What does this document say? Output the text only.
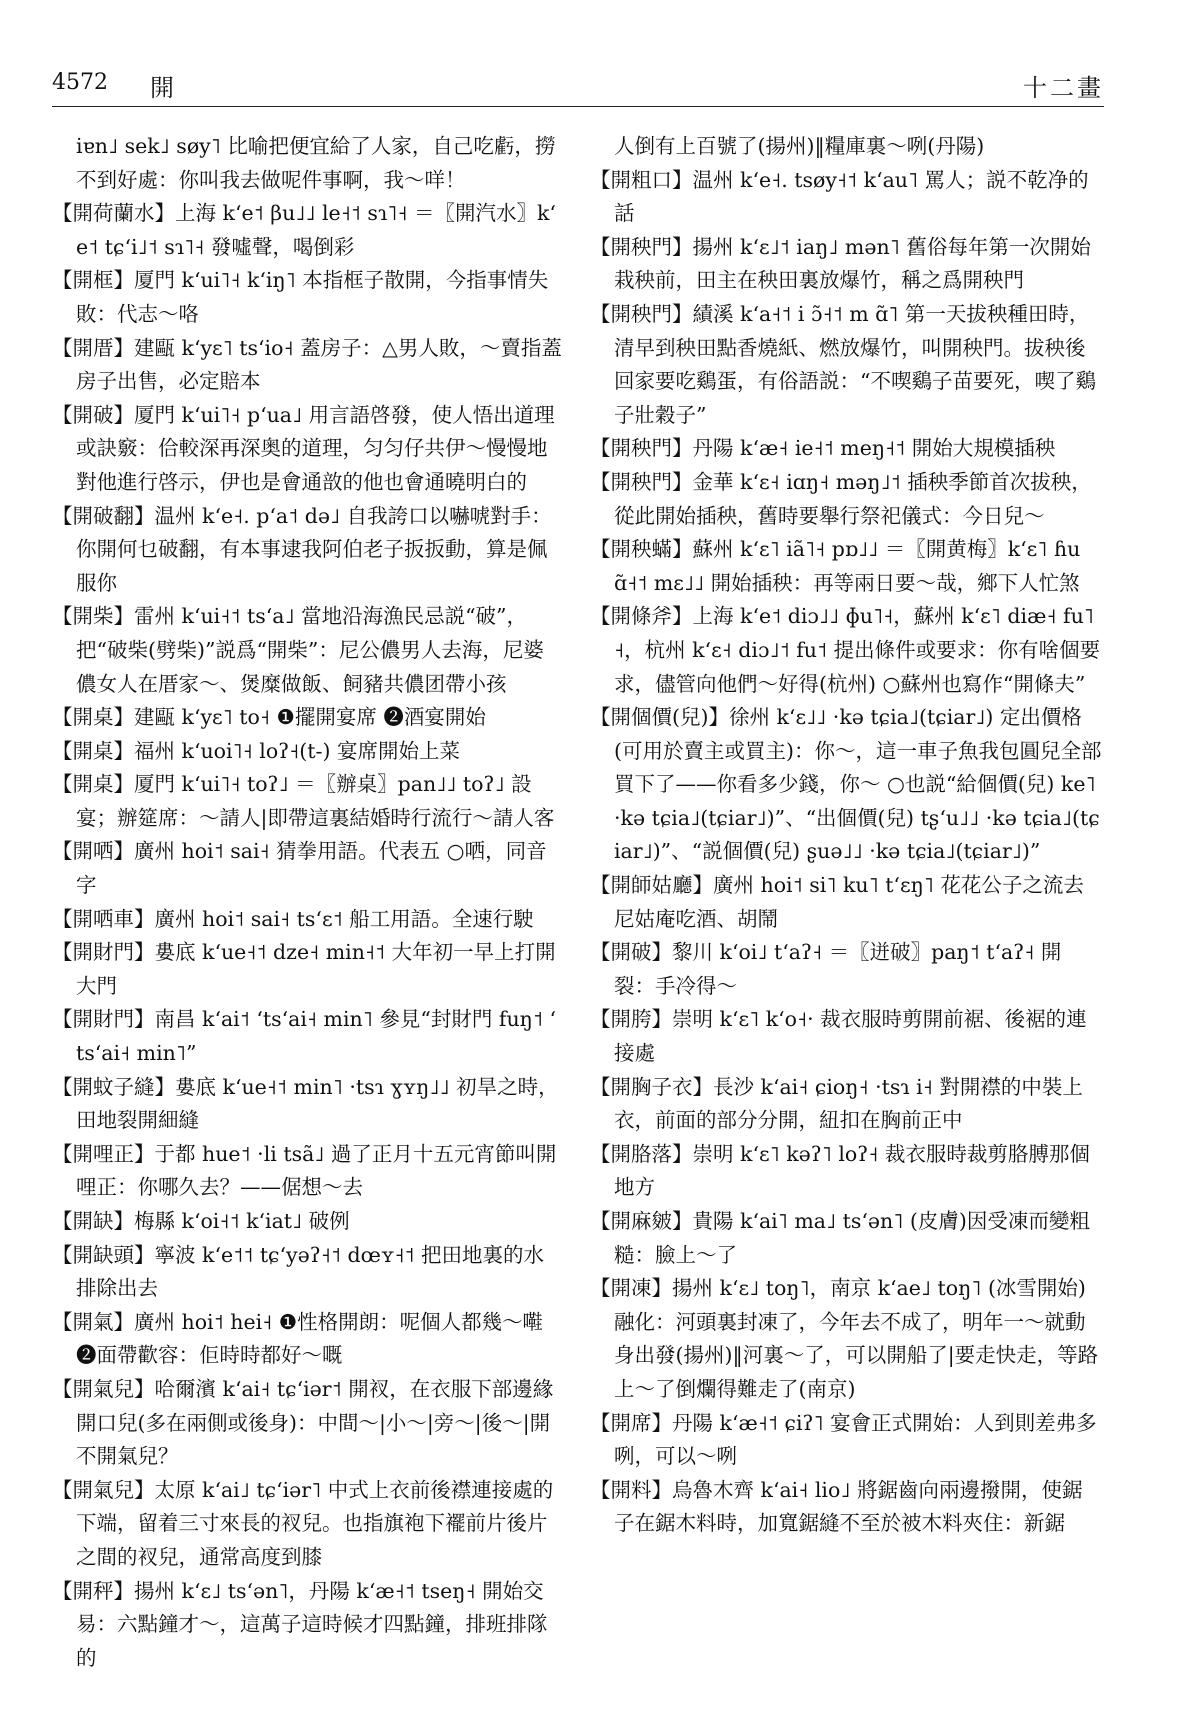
4572 開	十二畫

iɐn˩ sek˩ søy˥ 比喻把便宜給了人家，自己吃虧，撈不到好處：你叫我去做呢件事啊，我～咩！

【開荷蘭水】上海 kʻe˦ βu˩˩ le˧˦ sɿ˥˧ ＝〖開汽水〗kʻe˦ tɕʻi˩˦ sɿ˥˧ 發噓聲，喝倒彩

【開框】厦門 kʻui˥˧ kʻiŋ˥ 本指框子散開，今指事情失敗：代志～咯

【開厝】建甌 kʻyɛ˥ tsʻio˧ 蓋房子：△男人敗，～賣指蓋房子出售，必定賠本

【開破】厦門 kʻui˥˧ pʻua˩ 用言語啓發，使人悟出道理或訣竅：佮較深再深奥的道理，匀匀仔共伊～慢慢地對他進行啓示，伊也是會通敨的他也會通曉明白的

【開破翻】温州 kʻe˧. pʻa˦ də˩ 自我誇口以嚇唬對手：你開何乜破翻，有本事逮我阿伯老子扳扳動，算是佩服你

【開柴】雷州 kʻui˧˦ tsʻa˩ 當地沿海漁民忌説“破”，把“破柴(劈柴)”説爲“開柴”：尼公儂男人去海，尼婆儂女人在厝家～、煲糜做飯、飼豬共儂团帶小孩

【開桌】建甌 kʻyɛ˥ to˧ ❶擺開宴席 ❷酒宴開始

【開桌】福州 kʻuoi˥˧ loʔ˧(t-) 宴席開始上菜

【開桌】厦門 kʻui˥˧ toʔ˩ ＝〖辦桌〗pan˩˩ toʔ˩ 設宴；辦筵席：～請人|即帶這裏結婚時行流行～請人客

【開哂】廣州 hoi˦ sai˧ 猜拳用語。代表五 ○哂，同音字

【開哂車】廣州 hoi˦ sai˧ tsʻɛ˦ 船工用語。全速行駛

【開財門】婁底 kʻue˧˦ dze˧ min˧˦ 大年初一早上打開大門

【開財門】南昌 kʻai˦ ʻtsʻai˧ min˥ 參見“封財門 fuŋ˦ ʻtsʻai˧ min˥”

【開蚊子縫】婁底 kʻue˧˦ min˥ ·tsɿ ɣʏŋ˩˩ 初旱之時，田地裂開細縫

【開哩正】于都 hue˦ ·li tsã˩ 過了正月十五元宵節叫開哩正：你哪久去？——倨想～去

【開缺】梅縣 kʻoi˧˦ kʻiat˩ 破例

【開缺頭】寧波 kʻe˦˦ tɕʻyəʔ˧˦ dœʏ˧˦ 把田地裏的水排除出去

【開氣】廣州 hoi˦ hei˧ ❶性格開朗：呢個人都幾～嚡 ❷面帶歡容：佢時時都好～嘅

【開氣兒】哈爾濱 kʻai˧ tɕʻiər˦ 開衩，在衣服下部邊緣開口兒(多在兩側或後身)：中間～|小～|旁～|後～|開不開氣兒？

【開氣兒】太原 kʻai˩ tɕʻiər˥ 中式上衣前後襟連接處的下端，留着三寸來長的衩兒。也指旗袍下襬前片後片之間的衩兒，通常高度到膝

【開秤】揚州 kʻɛ˩ tsʻən˥，丹陽 kʻæ˧˦ tseŋ˧ 開始交易：六點鐘才～，這萬子這時候才四點鐘，排班排隊的

人倒有上百號了(揚州)‖糧庫裏～咧(丹陽)

【開粗口】温州 kʻe˧. tsøy˧˦ kʻau˥ 罵人；説不乾净的話

【開秧門】揚州 kʻɛ˩˦ iaŋ˩ mən˥ 舊俗每年第一次開始栽秧前，田主在秧田裏放爆竹，稱之爲開秧門

【開秧門】績溪 kʻa˧˦ i ɔ̃˧˦ m ɑ̃˥ 第一天拔秧種田時，清早到秧田點香燒紙、燃放爆竹，叫開秧門。拔秧後回家要吃鷄蛋，有俗語説：“不喫鷄子苗要死，喫了鷄子壯穀子”

【開秧門】丹陽 kʻæ˧ ie˧˦ meŋ˧˦ 開始大規模插秧

【開秧門】金華 kʻɛ˧ iɑŋ˧ məŋ˩˦ 插秧季節首次拔秧，從此開始插秧，舊時要舉行祭祀儀式：今日兒～

【開秧蟎】蘇州 kʻɛ˥ iã˥˧ pɒ˩˩ ＝〖開黄梅〗kʻɛ˥ ɦuɑ̃˧˦ mɛ˩˩ 開始插秧：再等兩日要～哉，鄉下人忙煞

【開條斧】上海 kʻe˦ diɔ˩˩ ɸu˥˧，蘇州 kʻɛ˥ diæ˧ fu˥˧，杭州 kʻɛ˧ diɔ˩˦ fu˦ 提出條件或要求：你有啥個要求，儘管向他們～好得(杭州) ○蘇州也寫作“開條夫”

【開個價(兒)】徐州 kʻɛ˩˩ ·kə tɕia˩(tɕiar˩) 定出價格(可用於賣主或買主)：你～，這一車子魚我包圓兒全部買下了——你看多少錢，你～ ○也説“給個價(兒) ke˥ ·kə tɕia˩(tɕiar˩)”、“出個價(兒) tʂʻu˩˩ ·kə tɕia˩(tɕiar˩)”、“説個價(兒) ʂuə˩˩ ·kə tɕia˩(tɕiar˩)”

【開師姑廳】廣州 hoi˦ si˥ ku˥ tʻɛŋ˥ 花花公子之流去尼姑庵吃酒、胡鬧

【開破】黎川 kʻoi˩ tʻaʔ˧ ＝〖迸破〗paŋ˦ tʻaʔ˧ 開裂：手冷得～

【開胯】崇明 kʻɛ˥ kʻo˧· 裁衣服時剪開前裾、後裾的連接處

【開胸子衣】長沙 kʻai˧ ɕioŋ˧ ·tsɿ i˧ 對開襟的中裝上衣，前面的部分分開，紐扣在胸前正中

【開胳落】崇明 kʻɛ˥ kəʔ˥ loʔ˧ 裁衣服時裁剪胳膊那個地方

【開麻皴】貴陽 kʻai˥ ma˩ tsʻən˥ (皮膚)因受凍而變粗糙：臉上～了

【開凍】揚州 kʻɛ˩ toŋ˥，南京 kʻae˩ toŋ˥ (冰雪開始)融化：河頭裏封凍了，今年去不成了，明年一～就動身出發(揚州)‖河裏～了，可以開船了|要走快走，等路上～了倒爛得難走了(南京)

【開席】丹陽 kʻæ˧˦ ɕiʔ˥ 宴會正式開始：人到則差弗多咧，可以～咧

【開料】烏魯木齊 kʻai˧ lio˩ 將鋸齒向兩邊撥開，使鋸子在鋸木料時，加寬鋸縫不至於被木料夾住：新鋸
